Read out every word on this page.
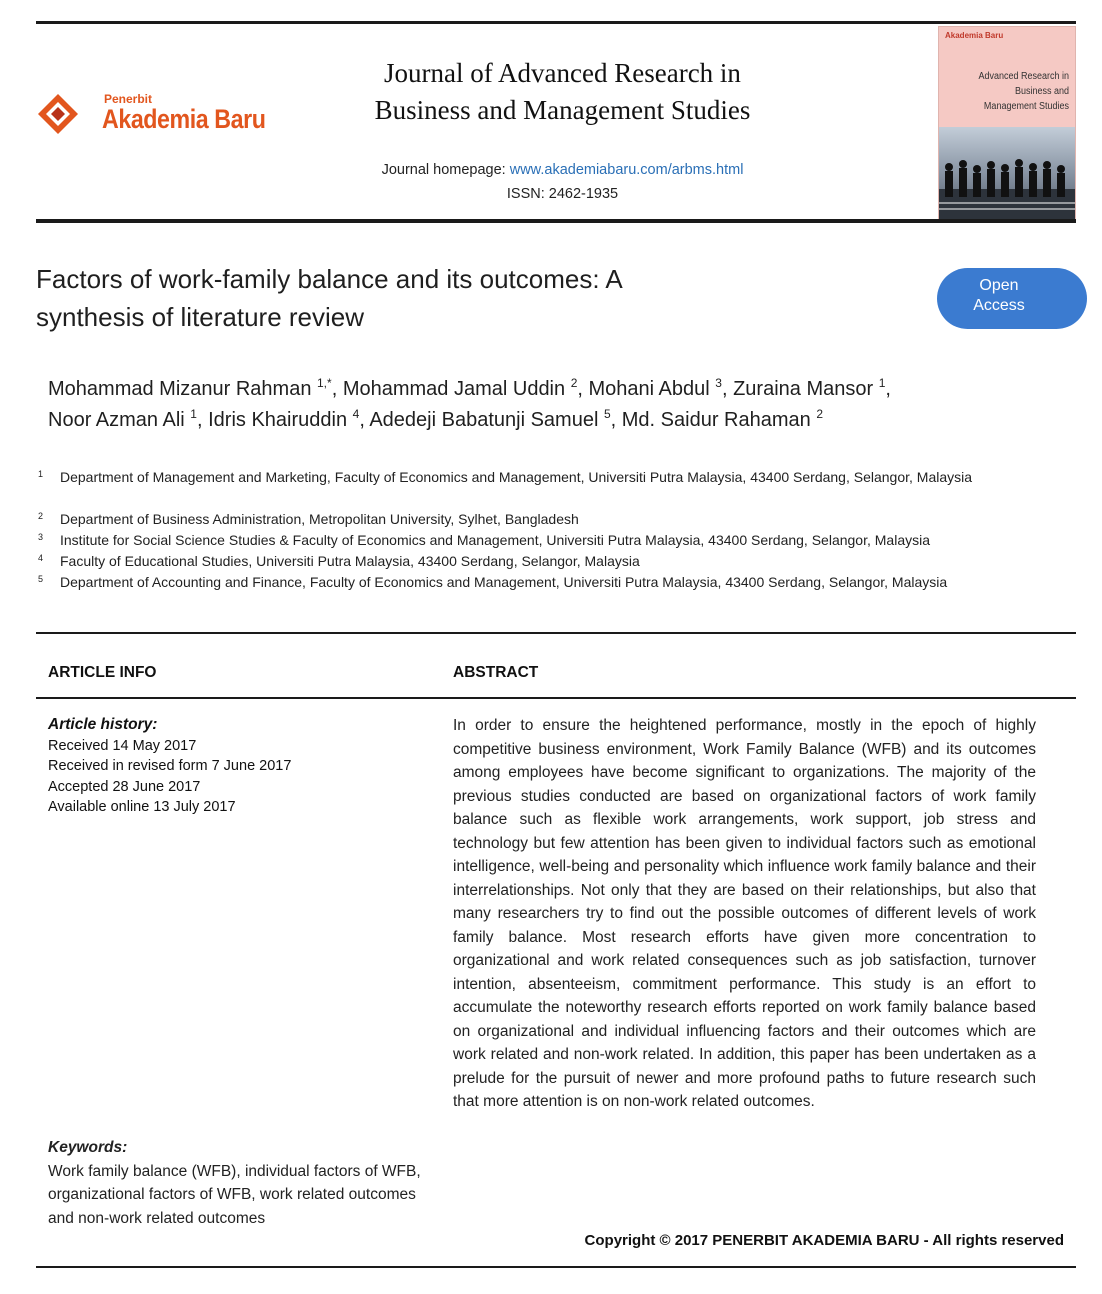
Penerbit
Akademia Baru
Journal of Advanced Research in
Business and Management Studies
Journal homepage: www.akademiabaru.com/arbms.html
ISSN: 2462-1935
Akademia Baru
Advanced Research in
Business and
Management Studies
Factors of work-family balance and its outcomes: A
synthesis of literature review
Open
Access
Mohammad Mizanur Rahman $^{1,*}$, Mohammad Jamal Uddin $^2$, Mohani Abdul $^3$, Zuraina Mansor $^1$,
Noor Azman Ali $^1$, Idris Khairuddin $^4$, Adedeji Babatunji Samuel $^5$, Md. Saidur Rahaman $^2$
1 Department of Management and Marketing, Faculty of Economics and Management, Universiti Putra Malaysia, 43400 Serdang, Selangor, Malaysia
2 Department of Business Administration, Metropolitan University, Sylhet, Bangladesh
3 Institute for Social Science Studies & Faculty of Economics and Management, Universiti Putra Malaysia, 43400 Serdang, Selangor, Malaysia
4 Faculty of Educational Studies, Universiti Putra Malaysia, 43400 Serdang, Selangor, Malaysia
5 Department of Accounting and Finance, Faculty of Economics and Management, Universiti Putra Malaysia, 43400 Serdang, Selangor, Malaysia
ARTICLE INFO	ABSTRACT
Article history:
Received 14 May 2017
Received in revised form 7 June 2017
Accepted 28 June 2017
Available online 13 July 2017
In order to ensure the heightened performance, mostly in the epoch of highly competitive business environment, Work Family Balance (WFB) and its outcomes among employees have become significant to organizations. The majority of the previous studies conducted are based on organizational factors of work family balance such as flexible work arrangements, work support, job stress and technology but few attention has been given to individual factors such as emotional intelligence, well-being and personality which influence work family balance and their interrelationships. Not only that they are based on their relationships, but also that many researchers try to find out the possible outcomes of different levels of work family balance. Most research efforts have given more concentration to organizational and work related consequences such as job satisfaction, turnover intention, absenteeism, commitment performance. This study is an effort to accumulate the noteworthy research efforts reported on work family balance based on organizational and individual influencing factors and their outcomes which are work related and non-work related. In addition, this paper has been undertaken as a prelude for the pursuit of newer and more profound paths to future research such that more attention is on non-work related outcomes.
Keywords:
Work family balance (WFB), individual factors of WFB, organizational factors of WFB, work related outcomes and non-work related outcomes
Copyright © 2017 PENERBIT AKADEMIA BARU - All rights reserved
